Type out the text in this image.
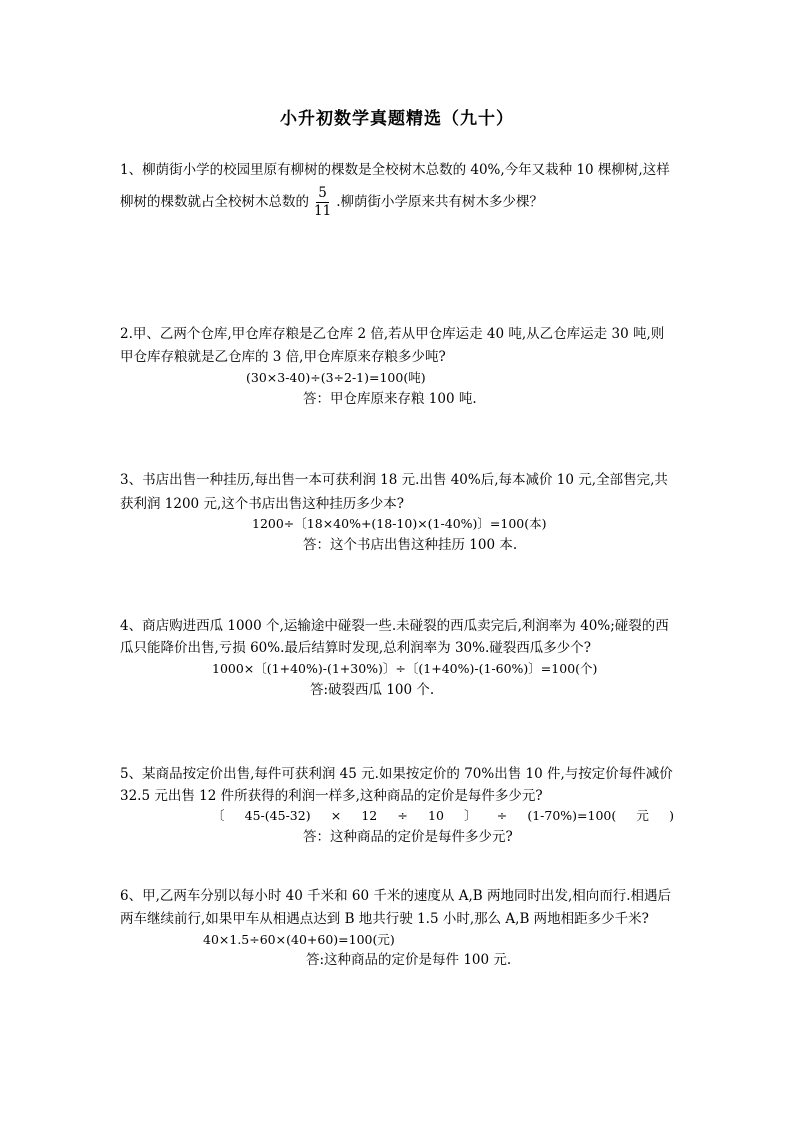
小升初数学真题精选（九十）
1、柳荫街小学的校园里原有柳树的棵数是全校树木总数的 40%,今年又栽种 10 棵柳树,这样
柳树的棵数就占全校树木总数的 $\frac{5}{11}$ .柳荫街小学原来共有树木多少棵？
2.甲、乙两个仓库,甲仓库存粮是乙仓库 2 倍,若从甲仓库运走 40 吨,从乙仓库运走 30 吨,则
甲仓库存粮就是乙仓库的 3 倍,甲仓库原来存粮多少吨?
(30×3-40)÷(3÷2-1)=100(吨)
答：甲仓库原来存粮 100 吨.
3、书店出售一种挂历,每出售一本可获利润 18 元.出售 40%后,每本减价 10 元,全部售完,共
获利润 1200 元,这个书店出售这种挂历多少本?
1200÷〔18×40%+(18-10)×(1-40%)〕=100(本)
答：这个书店出售这种挂历 100 本.
4、商店购进西瓜 1000 个,运输途中碰裂一些.未碰裂的西瓜卖完后,利润率为 40%;碰裂的西
瓜只能降价出售,亏损 60%.最后结算时发现,总利润率为 30%.碰裂西瓜多少个?
1000×〔(1+40%)-(1+30%)〕÷〔(1+40%)-(1-60%)〕=100(个)
答:破裂西瓜 100 个.
5、某商品按定价出售,每件可获利润 45 元.如果按定价的 70%出售 10 件,与按定价每件减价
32.5 元出售 12 件所获得的利润一样多,这种商品的定价是每件多少元?
〔 45-(45-32) × 12 ÷ 10 〕 ÷ (1-70%)=100( 元 )
答：这种商品的定价是每件多少元?
6、甲,乙两车分别以每小时 40 千米和 60 千米的速度从 A,B 两地同时出发,相向而行.相遇后
两车继续前行,如果甲车从相遇点达到 B 地共行驶 1.5 小时,那么 A,B 两地相距多少千米?
40×1.5÷60×(40+60)=100(元)
答:这种商品的定价是每件 100 元.
